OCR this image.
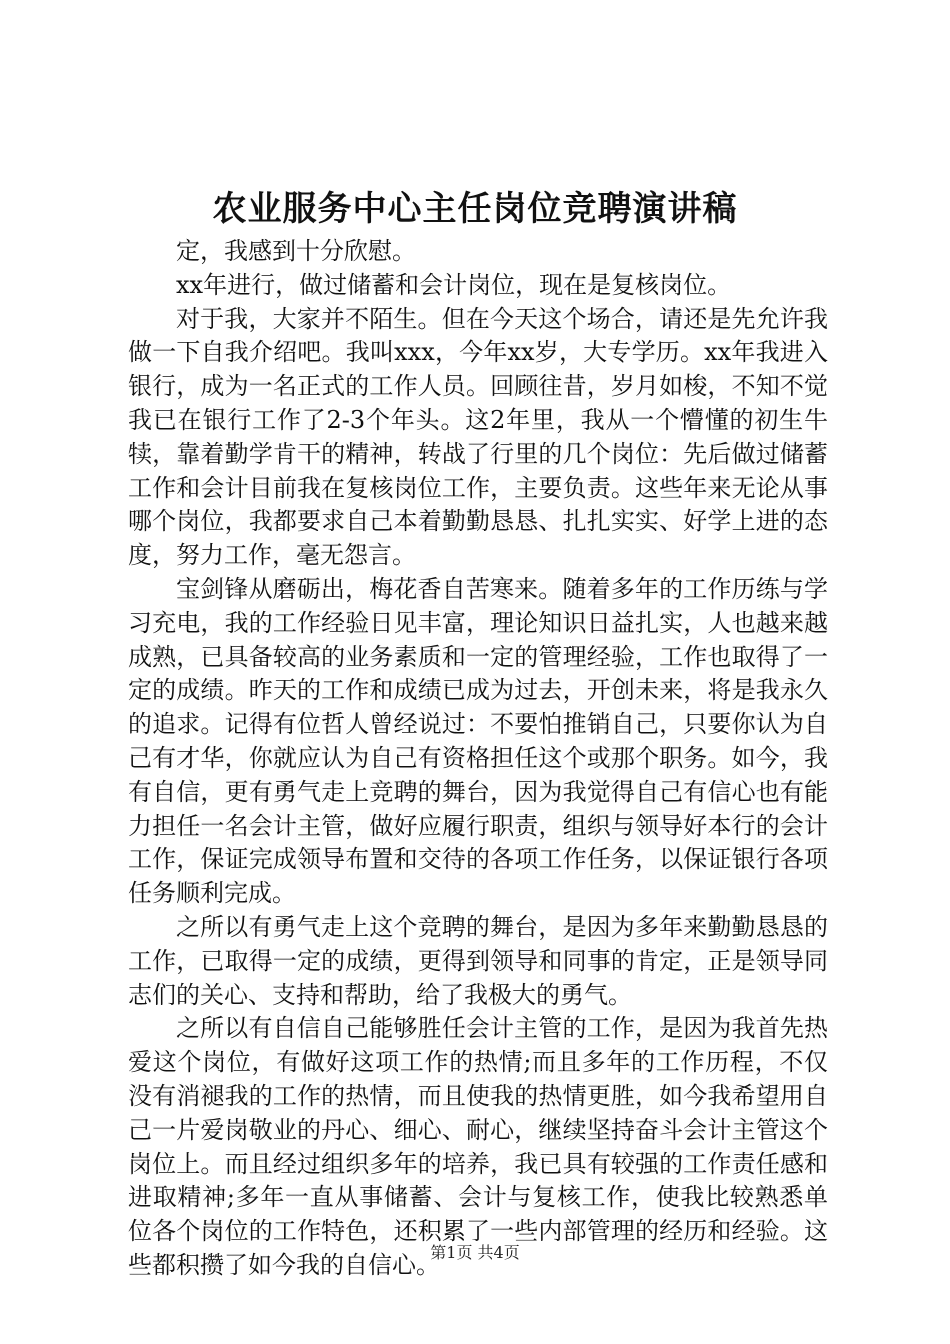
农业服务中心主任岗位竞聘演讲稿

定，我感到十分欣慰。

xx年进行，做过储蓄和会计岗位，现在是复核岗位。

对于我，大家并不陌生。但在今天这个场合，请还是先允许我做一下自我介绍吧。我叫xxx，今年xx岁，大专学历。xx年我进入银行，成为一名正式的工作人员。回顾往昔，岁月如梭，不知不觉我已在银行工作了2-3个年头。这2年里，我从一个懵懂的初生牛犊，靠着勤学肯干的精神，转战了行里的几个岗位：先后做过储蓄工作和会计目前我在复核岗位工作，主要负责。这些年来无论从事哪个岗位，我都要求自己本着勤勤恳恳、扎扎实实、好学上进的态度，努力工作，毫无怨言。

宝剑锋从磨砺出，梅花香自苦寒来。随着多年的工作历练与学习充电，我的工作经验日见丰富，理论知识日益扎实，人也越来越成熟，已具备较高的业务素质和一定的管理经验，工作也取得了一定的成绩。昨天的工作和成绩已成为过去，开创未来，将是我永久的追求。记得有位哲人曾经说过：不要怕推销自己，只要你认为自己有才华，你就应认为自己有资格担任这个或那个职务。如今，我有自信，更有勇气走上竞聘的舞台，因为我觉得自己有信心也有能力担任一名会计主管，做好应履行职责，组织与领导好本行的会计工作，保证完成领导布置和交待的各项工作任务，以保证银行各项任务顺利完成。

之所以有勇气走上这个竞聘的舞台，是因为多年来勤勤恳恳的工作，已取得一定的成绩，更得到领导和同事的肯定，正是领导同志们的关心、支持和帮助，给了我极大的勇气。

之所以有自信自己能够胜任会计主管的工作，是因为我首先热爱这个岗位，有做好这项工作的热情;而且多年的工作历程，不仅没有消褪我的工作的热情，而且使我的热情更胜，如今我希望用自己一片爱岗敬业的丹心、细心、耐心，继续坚持奋斗会计主管这个岗位上。而且经过组织多年的培养，我已具有较强的工作责任感和进取精神;多年一直从事储蓄、会计与复核工作，使我比较熟悉单位各个岗位的工作特色，还积累了一些内部管理的经历和经验。这些都积攒了如今我的自信心。

第1页 共4页
